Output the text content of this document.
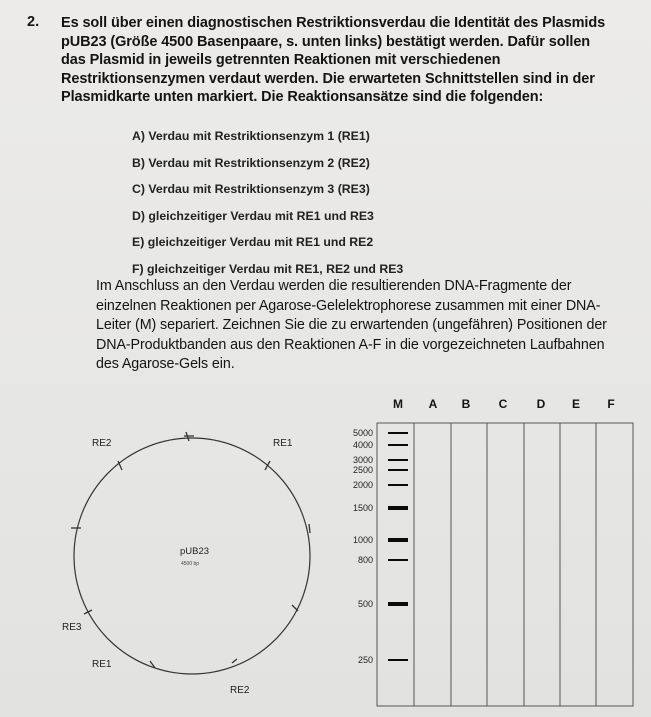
2. Es soll über einen diagnostischen Restriktionsverdau die Identität des Plasmids
pUB23 (Größe 4500 Basenpaare, s. unten links) bestätigt werden. Dafür sollen
das Plasmid in jeweils getrennten Reaktionen mit verschiedenen
Restriktionsenzymen verdaut werden. Die erwarteten Schnittstellen sind in der
Plasmidkarte unten markiert. Die Reaktionsansätze sind die folgenden:
A) Verdau mit Restriktionsenzym 1 (RE1)
B) Verdau mit Restriktionsenzym 2 (RE2)
C) Verdau mit Restriktionsenzym 3 (RE3)
D) gleichzeitiger Verdau mit RE1 und RE3
E) gleichzeitiger Verdau mit RE1 und RE2
F) gleichzeitiger Verdau mit RE1, RE2 und RE3
Im Anschluss an den Verdau werden die resultierenden DNA-Fragmente der
einzelnen Reaktionen per Agarose-Gelelektrophorese zusammen mit einer DNA-
Leiter (M) separiert. Zeichnen Sie die zu erwartenden (ungefähren) Positionen der
DNA-Produktbanden aus den Reaktionen A-F in die vorgezeichneten Laufbahnen
des Agarose-Gels ein.
RE2	RE1
RE3
RE1
RE2
pUB23
4500 bp
M A B C D E F
5000
4000
3000
2500
2000
1500
1000
800
500
250
